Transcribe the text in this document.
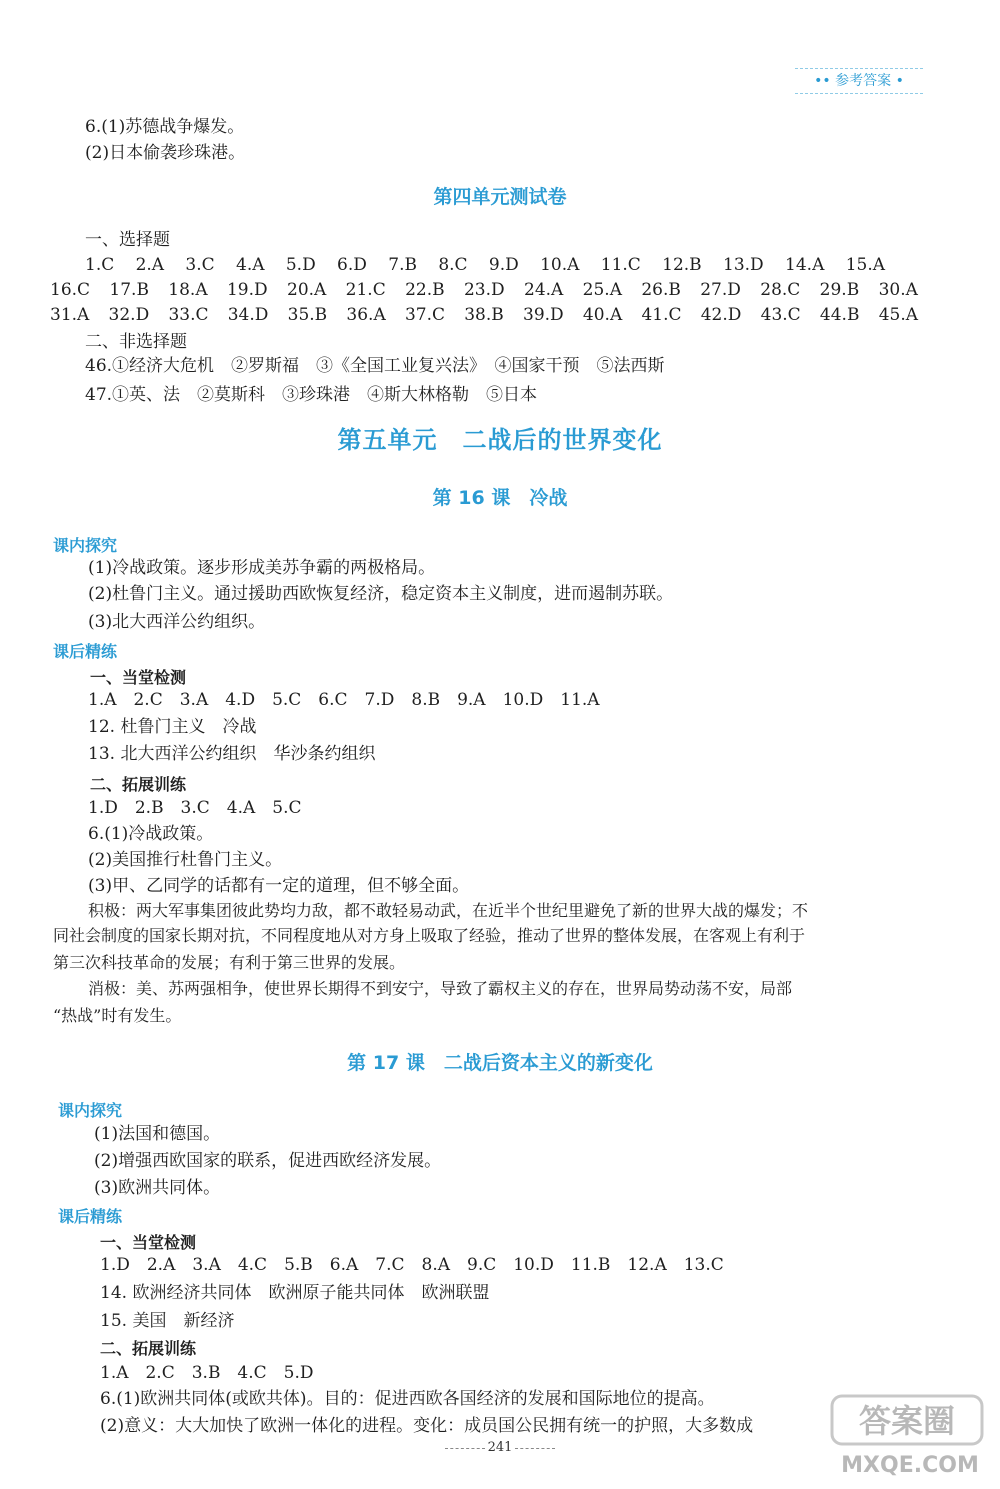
•• 参考答案 •
6.(1)苏德战争爆发。
(2)日本偷袭珍珠港。
第四单元测试卷
一、选择题
1.C 2.A 3.C 4.A 5.D 6.D 7.B 8.C 9.D 10.A 11.C 12.B 13.D 14.A 15.A
16.C 17.B 18.A 19.D 20.A 21.C 22.B 23.D 24.A 25.A 26.B 27.D 28.C 29.B 30.A
31.A 32.D 33.C 34.D 35.B 36.A 37.C 38.B 39.D 40.A 41.C 42.D 43.C 44.B 45.A
二、非选择题
46.①经济大危机　②罗斯福　③《全国工业复兴法》　④国家干预　⑤法西斯
47.①英、法　②莫斯科　③珍珠港　④斯大林格勒　⑤日本
第五单元　二战后的世界变化
第 16 课　冷战
课内探究
(1)冷战政策。逐步形成美苏争霸的两极格局。
(2)杜鲁门主义。通过援助西欧恢复经济，稳定资本主义制度，进而遏制苏联。
(3)北大西洋公约组织。
课后精练
一、当堂检测
1.A　2.C　3.A　4.D　5.C　6.C　7.D　8.B　9.A　10.D　11.A
12. 杜鲁门主义　冷战
13. 北大西洋公约组织　华沙条约组织
二、拓展训练
1.D　2.B　3.C　4.A　5.C
6.(1)冷战政策。
(2)美国推行杜鲁门主义。
(3)甲、乙同学的话都有一定的道理，但不够全面。
积极：两大军事集团彼此势均力敌，都不敢轻易动武，在近半个世纪里避免了新的世界大战的爆发；不
同社会制度的国家长期对抗，不同程度地从对方身上吸取了经验，推动了世界的整体发展，在客观上有利于
第三次科技革命的发展；有利于第三世界的发展。
消极：美、苏两强相争，使世界长期得不到安宁，导致了霸权主义的存在，世界局势动荡不安，局部
“热战”时有发生。
第 17 课　二战后资本主义的新变化
课内探究
(1)法国和德国。
(2)增强西欧国家的联系，促进西欧经济发展。
(3)欧洲共同体。
课后精练
一、当堂检测
1.D　2.A　3.A　4.C　5.B　6.A　7.C　8.A　9.C　10.D　11.B　12.A　13.C
14. 欧洲经济共同体　欧洲原子能共同体　欧洲联盟
15. 美国　新经济
二、拓展训练
1.A　2.C　3.B　4.C　5.D
6.(1)欧洲共同体(或欧共体)。目的：促进西欧各国经济的发展和国际地位的提高。
(2)意义：大大加快了欧洲一体化的进程。变化：成员国公民拥有统一的护照，大多数成
241
答案圈
MXQE.COM
